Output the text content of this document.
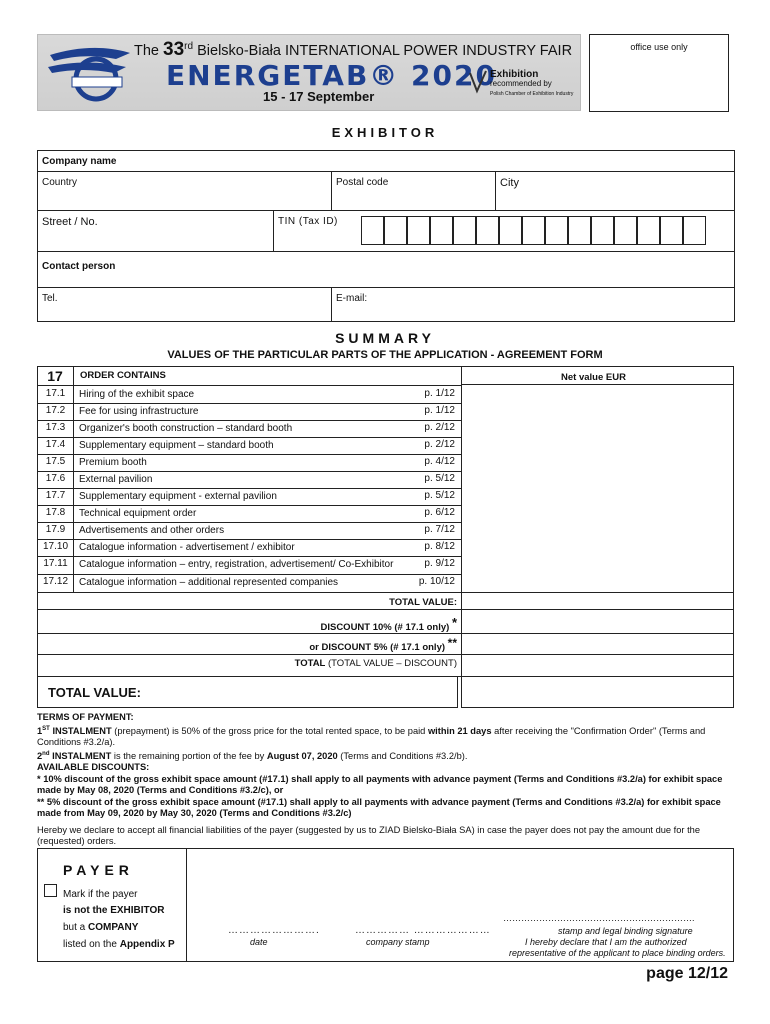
The 33rd Bielsko-Biała INTERNATIONAL POWER INDUSTRY FAIR
ENERGETAB® 2020
15 - 17 September
Exhibition
recommended by
Polish Chamber of Exhibition Industry
office use only
EXHIBITOR
Company name
Country	Postal code	City
Street / No.	TIN (Tax ID)
Contact person
Tel.	E-mail:
SUMMARY
VALUES OF THE PARTICULAR PARTS OF THE APPLICATION - AGREEMENT FORM
17	ORDER CONTAINS	Net value EUR
17.1	Hiring of the exhibit space	p. 1/12
17.2	Fee for using infrastructure	p. 1/12
17.3	Organizer's booth construction – standard booth	p. 2/12
17.4	Supplementary equipment – standard booth	p. 2/12
17.5	Premium booth	p. 4/12
17.6	External pavilion	p. 5/12
17.7	Supplementary equipment - external pavilion	p. 5/12
17.8	Technical equipment order	p. 6/12
17.9	Advertisements and other orders	p. 7/12
17.10	Catalogue information - advertisement / exhibitor	p. 8/12
17.11	Catalogue information – entry, registration, advertisement/ Co-Exhibitor	p. 9/12
17.12	Catalogue information – additional represented companies	p. 10/12
TOTAL VALUE:
DISCOUNT 10% (# 17.1 only) *
or DISCOUNT 5% (# 17.1 only) **
TOTAL (TOTAL VALUE – DISCOUNT)
TOTAL VALUE:

TERMS OF PAYMENT:

1ST INSTALMENT (prepayment) is 50% of the gross price for the total rented space, to be paid within 21 days after receiving the "Confirmation Order" (Terms and Conditions #3.2/a).

2nd INSTALMENT is the remaining portion of the fee by August 07, 2020 (Terms and Conditions #3.2/b).

AVAILABLE DISCOUNTS:

* 10% discount of the gross exhibit space amount (#17.1) shall apply to all payments with advance payment (Terms and Conditions #3.2/a) for exhibit space made by May 08, 2020 (Terms and Conditions #3.2/c), or

** 5% discount of the gross exhibit space amount (#17.1) shall apply to all payments with advance payment (Terms and Conditions #3.2/a) for exhibit space made from May 09, 2020 by May 30, 2020 (Terms and Conditions #3.2/c)

Hereby we declare to accept all financial liabilities of the payer (suggested by us to ZIAD Bielsko-Biała SA) in case the payer does not pay the amount due for the (requested) orders.

PAYER
Mark if the payer
is not the EXHIBITOR
but a COMPANY
listed on the Appendix P
…………………….
date
…………… …………………
company stamp
……………………………………………………….
stamp and legal binding signature
I hereby declare that I am the authorized
representative of the applicant to place binding orders.
page 12/12
